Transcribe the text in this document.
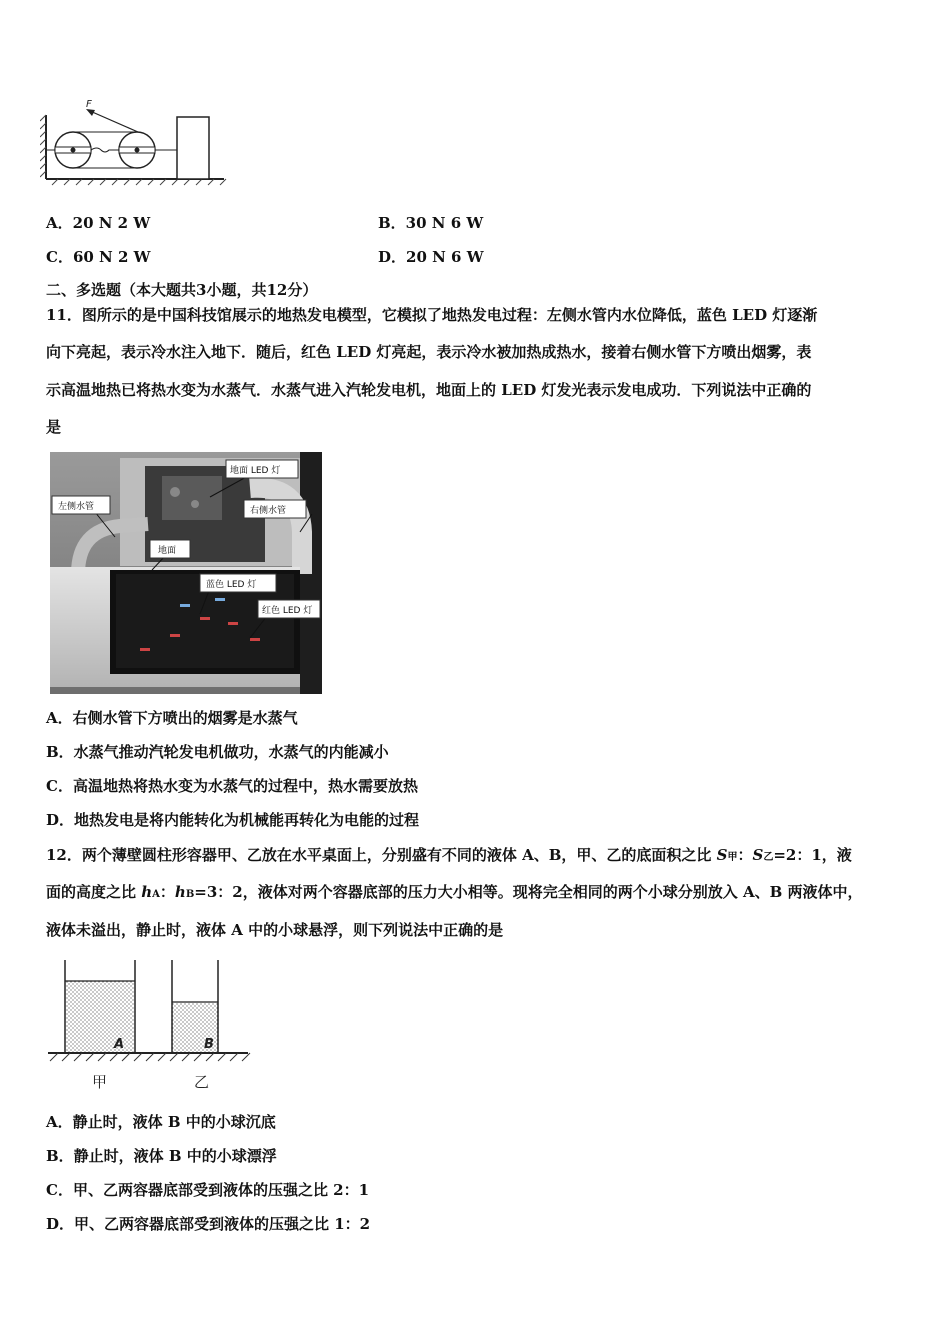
F
A．20 N 2 W	B．30 N 6 W
C．60 N 2 W	D．20 N 6 W
二、多选题（本大题共3小题，共12分）
11．图所示的是中国科技馆展示的地热发电模型，它模拟了地热发电过程：左侧水管内水位降低，蓝色 LED 灯逐渐
向下亮起，表示冷水注入地下．随后，红色 LED 灯亮起，表示冷水被加热成热水，接着右侧水管下方喷出烟雾，表
示高温地热已将热水变为水蒸气．水蒸气进入汽轮发电机，地面上的 LED 灯发光表示发电成功．下列说法中正确的
是
地面 LED 灯
左侧水管	右侧水管
地面
蓝色 LED 灯
红色 LED 灯
A．右侧水管下方喷出的烟雾是水蒸气
B．水蒸气推动汽轮发电机做功，水蒸气的内能减小
C．高温地热将热水变为水蒸气的过程中，热水需要放热
D．地热发电是将内能转化为机械能再转化为电能的过程
12．两个薄壁圆柱形容器甲、乙放在水平桌面上，分别盛有不同的液体 A、B，甲、乙的底面积之比 S甲：S乙=2：1，液
面的高度之比 hA：hB=3：2，液体对两个容器底部的压力大小相等。现将完全相同的两个小球分别放入 A、B 两液体中，
液体未溢出，静止时，液体 A 中的小球悬浮，则下列说法中正确的是
A	B
甲	乙
A．静止时，液体 B 中的小球沉底
B．静止时，液体 B 中的小球漂浮
C．甲、乙两容器底部受到液体的压强之比 2：1
D．甲、乙两容器底部受到液体的压强之比 1：2
